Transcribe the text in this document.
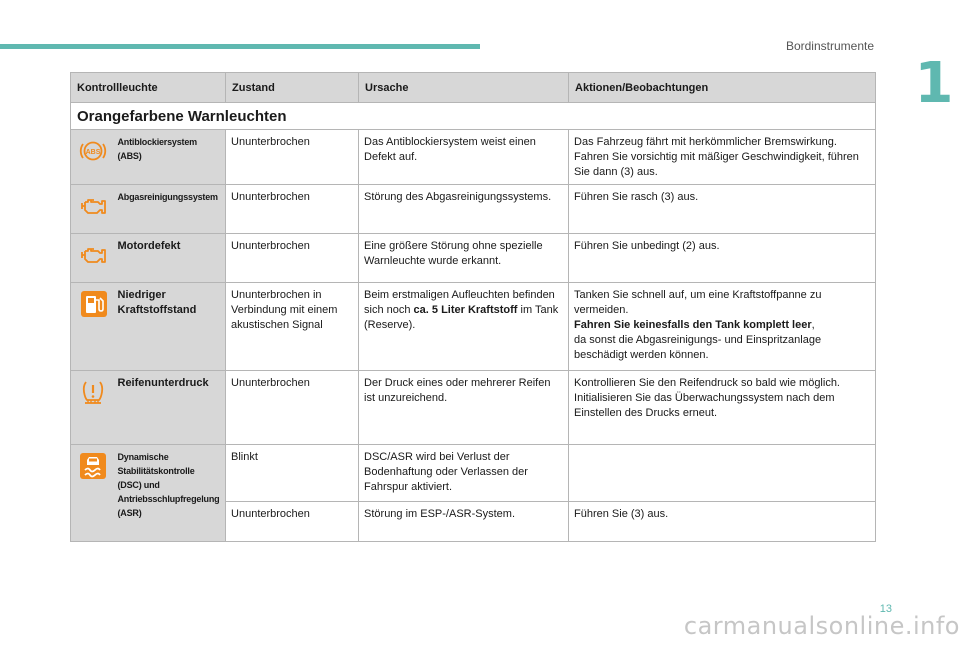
Bordinstrumente
1
Kontrollleuchte		Zustand	Ursache	Aktionen/Beobachtungen
Orangefarbene Warnleuchten				

ABS	Antiblockiersystem (ABS)	Ununterbrochen	Das Antiblockiersystem weist einen Defekt auf.	Das Fahrzeug fährt mit herkömmlicher Bremswirkung. Fahren Sie vorsichtig mit mäßiger Geschwindigkeit, führen Sie dann (3) aus.
	Abgasreinigungssystem	Ununterbrochen	Störung des Abgasreinigungssystems.	Führen Sie rasch (3) aus.
	Motordefekt	Ununterbrochen	Eine größere Störung ohne spezielle Warnleuchte wurde erkannt.	Führen Sie unbedingt (2) aus.
	Niedriger Kraftstoffstand	Ununterbrochen in Verbindung mit einem akustischen Signal	Beim erstmaligen Aufleuchten befinden sich noch ca. 5 Liter Kraftstoff im Tank (Reserve).	Tanken Sie schnell auf, um eine Kraftstoffpanne zu vermeiden.
Fahren Sie keinesfalls den Tank komplett leer,
da sonst die Abgasreinigungs- und Einspritzanlage beschädigt werden können.
	Reifenunterdruck	Ununterbrochen	Der Druck eines oder mehrerer Reifen ist unzureichend.	Kontrollieren Sie den Reifendruck so bald wie möglich. Initialisieren Sie das Überwachungssystem nach dem Einstellen des Drucks erneut.
	Dynamische Stabilitätskontrolle (DSC) und Antriebsschlupfregelung (ASR)	Blinkt	DSC/ASR wird bei Verlust der Bodenhaftung oder Verlassen der Fahrspur aktiviert.	
		Ununterbrochen	Störung im ESP-/ASR-System.	Führen Sie (3) aus.
13
carmanualsonline.info
